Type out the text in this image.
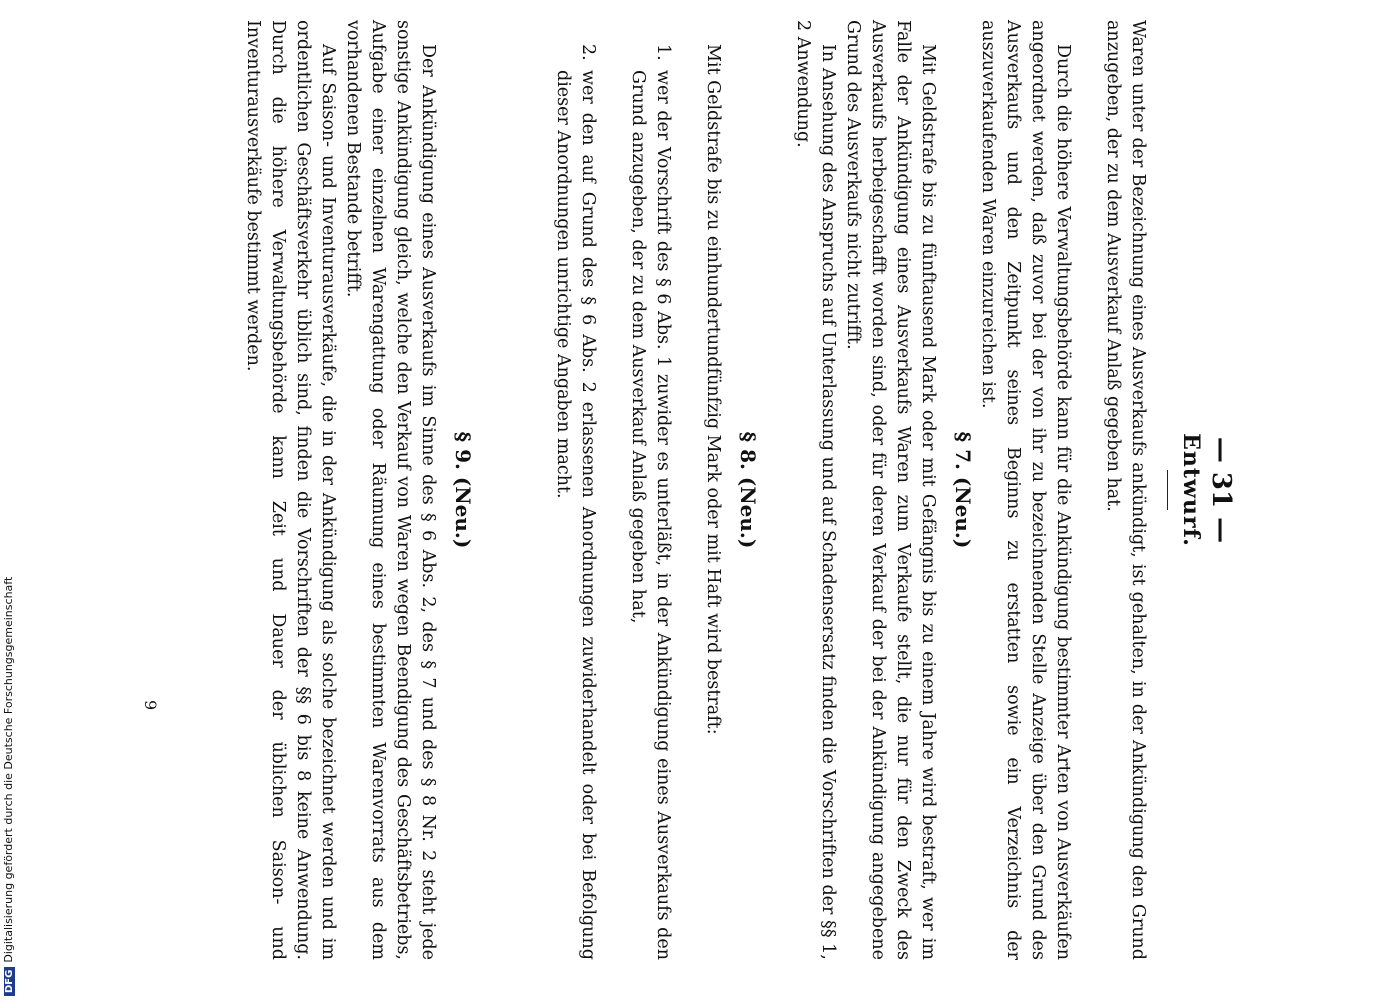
— 31 —
Entwurf.

Waren unter der Bezeichnung eines Ausverkaufs ankündigt, ist gehalten, in der Ankündigung den Grund anzugeben, der zu dem Ausverkauf Anlaß gegeben hat.

Durch die höhere Verwaltungsbehörde kann für die Ankündigung bestimmter Arten von Ausverkäufen angeordnet werden, daß zuvor bei der von ihr zu bezeichnenden Stelle Anzeige über den Grund des Ausverkaufs und den Zeitpunkt seines Beginns zu erstatten sowie ein Verzeichnis der auszuverkaufenden Waren einzureichen ist.

§ 7. (Neu.)

Mit Geldstrafe bis zu fünftausend Mark oder mit Gefängnis bis zu einem Jahre wird bestraft, wer im Falle der Ankündigung eines Ausverkaufs Waren zum Verkaufe stellt, die nur für den Zweck des Ausverkaufs herbeigeschafft worden sind, oder für deren Verkauf der bei der Ankündigung angegebene Grund des Ausverkaufs nicht zutrifft.

In Ansehung des Anspruchs auf Unterlassung und auf Schadensersatz finden die Vorschriften der §§ 1, 2 Anwendung.

§ 8. (Neu.)

Mit Geldstrafe bis zu einhundertundfünfzig Mark oder mit Haft wird bestraft:

1.
wer der Vorschrift des § 6 Abs. 1 zuwider es unterläßt, in der Ankündigung eines Ausverkaufs den Grund anzugeben, der zu dem Ausverkauf Anlaß gegeben hat,
2.
wer den auf Grund des § 6 Abs. 2 erlassenen Anordnungen zuwiderhandelt oder bei Befolgung dieser Anordnungen unrichtige Angaben macht.
§ 9. (Neu.)

Der Ankündigung eines Ausverkaufs im Sinne des § 6 Abs. 2, des § 7 und des § 8 Nr. 2 steht jede sonstige Ankündigung gleich, welche den Verkauf von Waren wegen Beendigung des Geschäftsbetriebs, Aufgabe einer einzelnen Warengattung oder Räumung eines bestimmten Warenvorrats aus dem vorhandenen Bestande betrifft.

Auf Saison- und Inventurausverkäufe, die in der Ankündigung als solche bezeichnet werden und im ordentlichen Geschäftsverkehr üblich sind, finden die Vorschriften der §§ 6 bis 8 keine Anwendung. Durch die höhere Verwaltungsbehörde kann Zeit und Dauer der üblichen Saison- und Inventurausverkäufe bestimmt werden.

9
DFGDigitalisierung gefördert durch die Deutsche Forschungsgemeinschaft
